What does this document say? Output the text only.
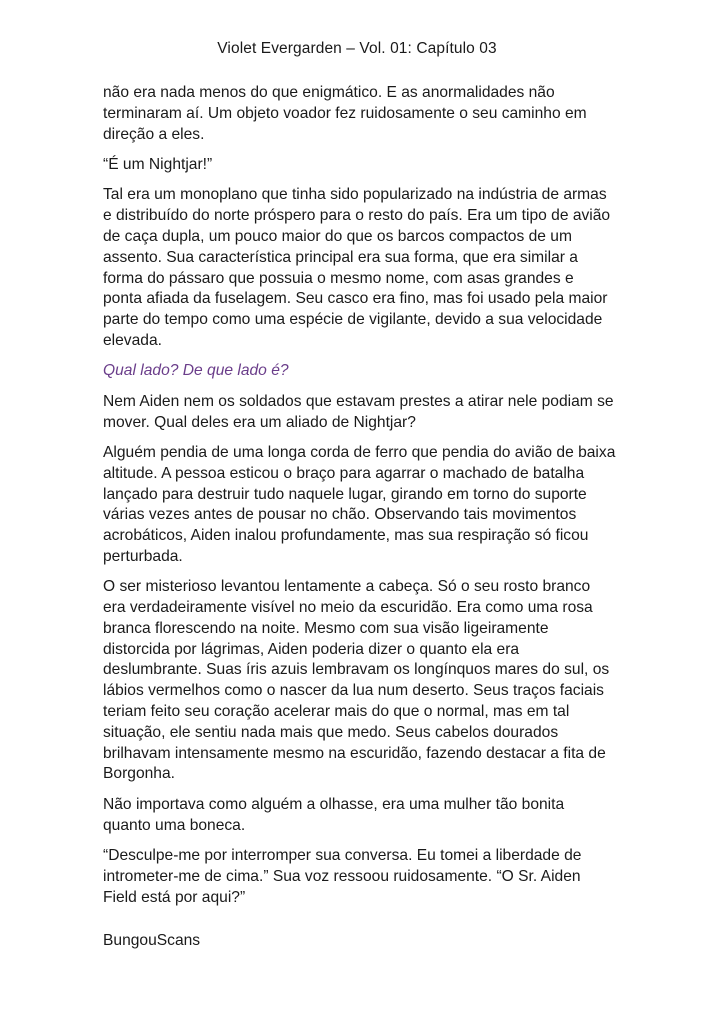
Violet Evergarden – Vol. 01: Capítulo 03

não era nada menos do que enigmático. E as anormalidades não terminaram aí. Um objeto voador fez ruidosamente o seu caminho em direção a eles.

“É um Nightjar!”

Tal era um monoplano que tinha sido popularizado na indústria de armas e distribuído do norte próspero para o resto do país. Era um tipo de avião de caça dupla, um pouco maior do que os barcos compactos de um assento. Sua característica principal era sua forma, que era similar a forma do pássaro que possuia o mesmo nome, com asas grandes e ponta afiada da fuselagem. Seu casco era fino, mas foi usado pela maior parte do tempo como uma espécie de vigilante, devido a sua velocidade elevada.

Qual lado? De que lado é?

Nem Aiden nem os soldados que estavam prestes a atirar nele podiam se mover. Qual deles era um aliado de Nightjar?

Alguém pendia de uma longa corda de ferro que pendia do avião de baixa altitude. A pessoa esticou o braço para agarrar o machado de batalha lançado para destruir tudo naquele lugar, girando em torno do suporte várias vezes antes de pousar no chão. Observando tais movimentos acrobáticos, Aiden inalou profundamente, mas sua respiração só ficou perturbada.

O ser misterioso levantou lentamente a cabeça. Só o seu rosto branco era verdadeiramente visível no meio da escuridão. Era como uma rosa branca florescendo na noite. Mesmo com sua visão ligeiramente distorcida por lágrimas, Aiden poderia dizer o quanto ela era deslumbrante. Suas íris azuis lembravam os longínquos mares do sul, os lábios vermelhos como o nascer da lua num deserto. Seus traços faciais teriam feito seu coração acelerar mais do que o normal, mas em tal situação, ele sentiu nada mais que medo. Seus cabelos dourados brilhavam intensamente mesmo na escuridão, fazendo destacar a fita de Borgonha.

Não importava como alguém a olhasse, era uma mulher tão bonita quanto uma boneca.

“Desculpe-me por interromper sua conversa. Eu tomei a liberdade de intrometer-me de cima.” Sua voz ressoou ruidosamente. “O Sr. Aiden Field está por aqui?”

BungouScans
